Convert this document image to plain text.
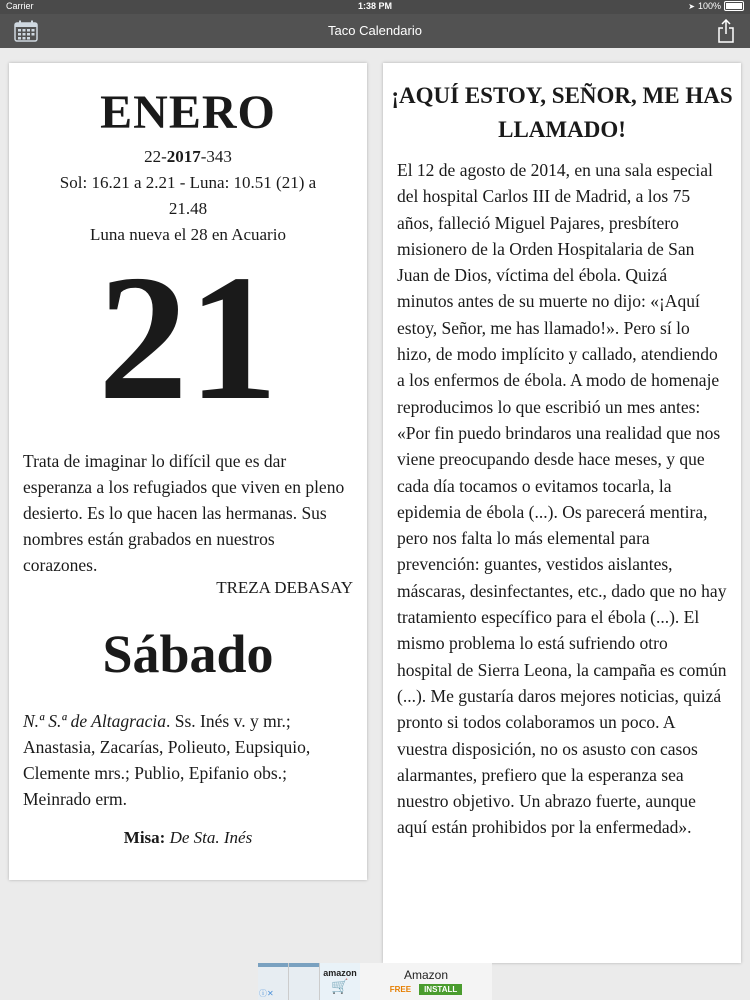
Carrier	1:38 PM	➤ 100%
Taco Calendario
ENERO
22-2017-343
Sol: 16.21 a 2.21 - Luna: 10.51 (21) a
21.48
Luna nueva el 28 en Acuario
21
Trata de imaginar lo difícil que es dar esperanza a los refugiados que viven en pleno desierto. Es lo que hacen las hermanas. Sus nombres están grabados en nuestros corazones.
TREZA DEBASAY
Sábado
N.ª S.ª de Altagracia. Ss. Inés v. y mr.; Anastasia, Zacarías, Polieuto, Eupsiquio, Clemente mrs.; Publio, Epifanio obs.; Meinrado erm.
Misa: De Sta. Inés
¡AQUÍ ESTOY, SEÑOR, ME HAS LLAMADO!

El 12 de agosto de 2014, en una sala especial del hospital Carlos III de Madrid, a los 75 años, falleció Miguel Pajares, presbítero misionero de la Orden Hospitalaria de San Juan de Dios, víctima del ébola. Quizá minutos antes de su muerte no dijo: «¡Aquí estoy, Señor, me has llamado!». Pero sí lo hizo, de modo implícito y callado, atendiendo a los enfermos de ébola. A modo de homenaje reproducimos lo que escribió un mes antes:

«Por fin puedo brindaros una realidad que nos viene preocupando desde hace meses, y que cada día tocamos o evitamos tocarla, la epidemia de ébola (...). Os parecerá mentira, pero nos falta lo más elemental para prevención: guantes, vestidos aislantes, máscaras, desinfectantes, etc., dado que no hay tratamiento específico para el ébola (...). El mismo problema lo está sufriendo otro hospital de Sierra Leona, la campaña es común (...). Me gustaría daros mejores noticias, quizá pronto si todos colaboramos un poco. A vuestra disposición, no os asusto con casos alarmantes, prefiero que la esperanza sea nuestro objetivo. Un abrazo fuerte, aunque aquí están prohibidos por la enfermedad».

amazon
🛒
Amazon
FREE	INSTALL
ⓘ✕
